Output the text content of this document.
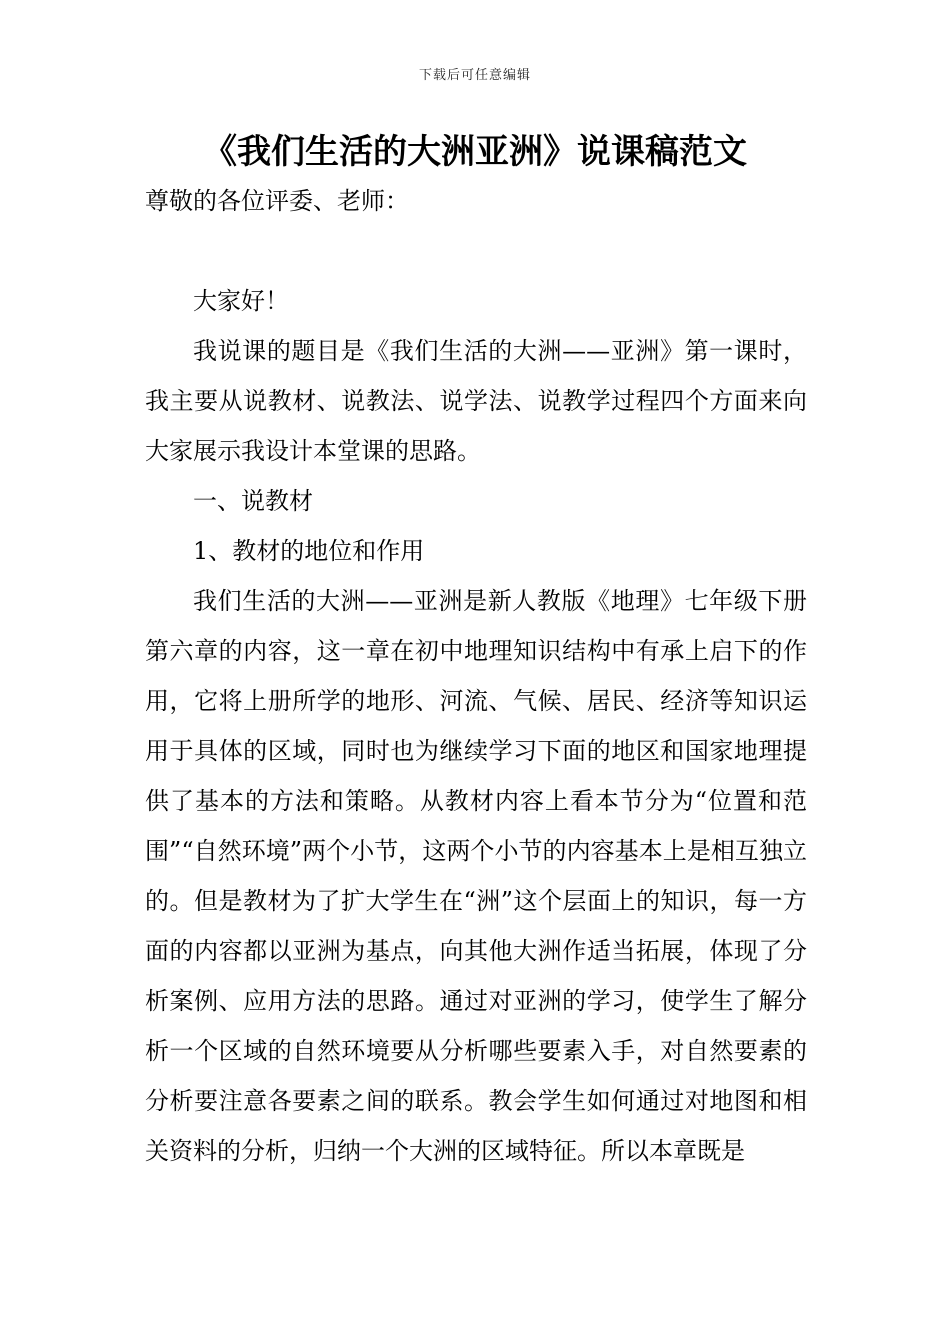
下载后可任意编辑
《我们生活的大洲亚洲》说课稿范文
尊敬的各位评委、老师：

大家好！

我说课的题目是《我们生活的大洲——亚洲》第一课时，我主要从说教材、说教法、说学法、说教学过程四个方面来向大家展示我设计本堂课的思路。

一、说教材

1、教材的地位和作用

我们生活的大洲——亚洲是新人教版《地理》七年级下册第六章的内容，这一章在初中地理知识结构中有承上启下的作用，它将上册所学的地形、河流、气候、居民、经济等知识运用于具体的区域，同时也为继续学习下面的地区和国家地理提供了基本的方法和策略。从教材内容上看本节分为“位置和范围”“自然环境”两个小节，这两个小节的内容基本上是相互独立的。但是教材为了扩大学生在“洲”这个层面上的知识，每一方面的内容都以亚洲为基点，向其他大洲作适当拓展，体现了分析案例、应用方法的思路。通过对亚洲的学习，使学生了解分析一个区域的自然环境要从分析哪些要素入手，对自然要素的分析要注意各要素之间的联系。教会学生如何通过对地图和相关资料的分析，归纳一个大洲的区域特征。所以本章既是
